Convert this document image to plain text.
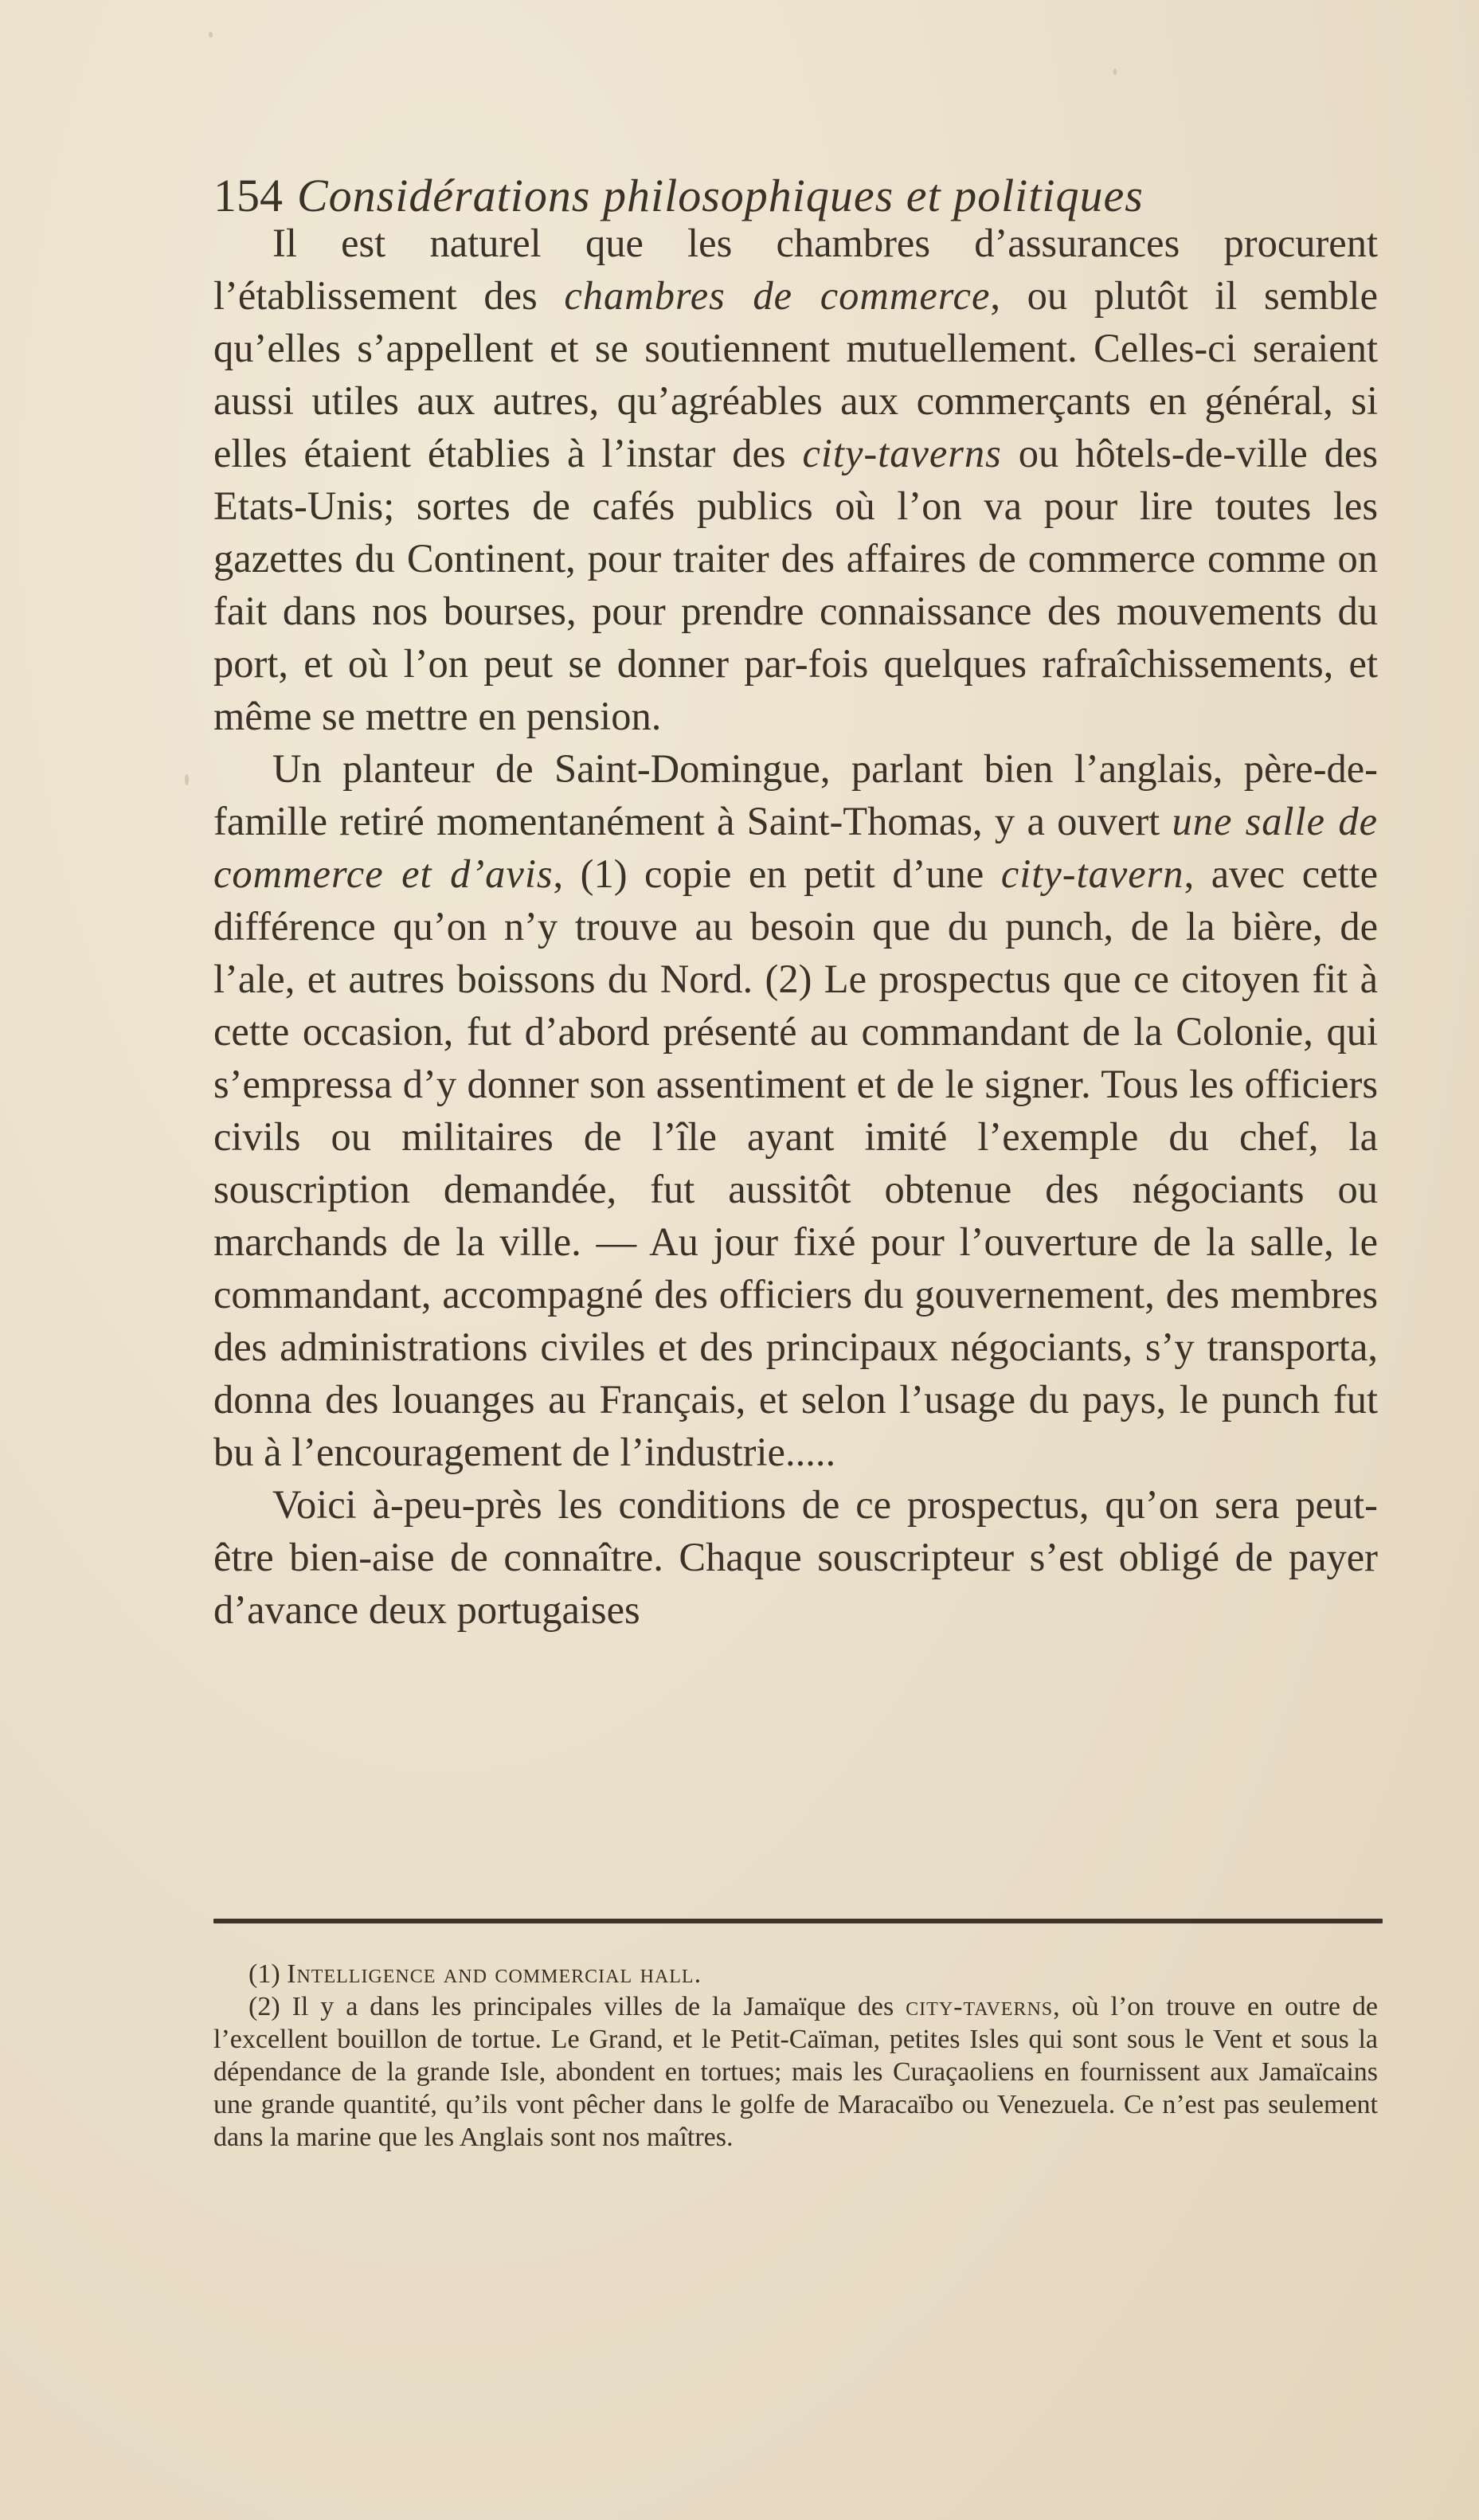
154 Considérations philosophiques et politiques

Il est naturel que les chambres d’assurances procurent l’établissement des chambres de commerce, ou plutôt il semble qu’elles s’appellent et se soutiennent mutuellement. Celles-ci seraient aussi utiles aux autres, qu’agréables aux commerçants en général, si elles étaient établies à l’instar des city-taverns ou hôtels-de-ville des Etats-Unis; sortes de cafés publics où l’on va pour lire toutes les gazettes du Continent, pour traiter des affaires de commerce comme on fait dans nos bourses, pour prendre connaissance des mouvements du port, et où l’on peut se donner par-fois quelques rafraîchissements, et même se mettre en pension.

Un planteur de Saint-Domingue, parlant bien l’anglais, père-de-famille retiré momentanément à Saint-Thomas, y a ouvert une salle de commerce et d’avis, (1) copie en petit d’une city-tavern, avec cette différence qu’on n’y trouve au besoin que du punch, de la bière, de l’ale, et autres boissons du Nord. (2) Le prospectus que ce citoyen fit à cette occasion, fut d’abord présenté au commandant de la Colonie, qui s’empressa d’y donner son assentiment et de le signer. Tous les officiers civils ou militaires de l’île ayant imité l’exemple du chef, la souscription demandée, fut aussitôt obtenue des négociants ou marchands de la ville. — Au jour fixé pour l’ouverture de la salle, le commandant, accompagné des officiers du gouvernement, des membres des administrations civiles et des principaux négociants, s’y transporta, donna des louanges au Français, et selon l’usage du pays, le punch fut bu à l’encouragement de l’industrie.....

Voici à-peu-près les conditions de ce prospectus, qu’on sera peut-être bien-aise de connaître. Chaque souscripteur s’est obligé de payer d’avance deux portugaises

(1) Intelligence and commercial hall.

(2) Il y a dans les principales villes de la Jamaïque des city-taverns, où l’on trouve en outre de l’excellent bouillon de tortue. Le Grand, et le Petit-Caïman, petites Isles qui sont sous le Vent et sous la dépendance de la grande Isle, abondent en tortues; mais les Curaçaoliens en fournissent aux Jamaïcains une grande quantité, qu’ils vont pêcher dans le golfe de Maracaïbo ou Venezuela. Ce n’est pas seulement dans la marine que les Anglais sont nos maîtres.
